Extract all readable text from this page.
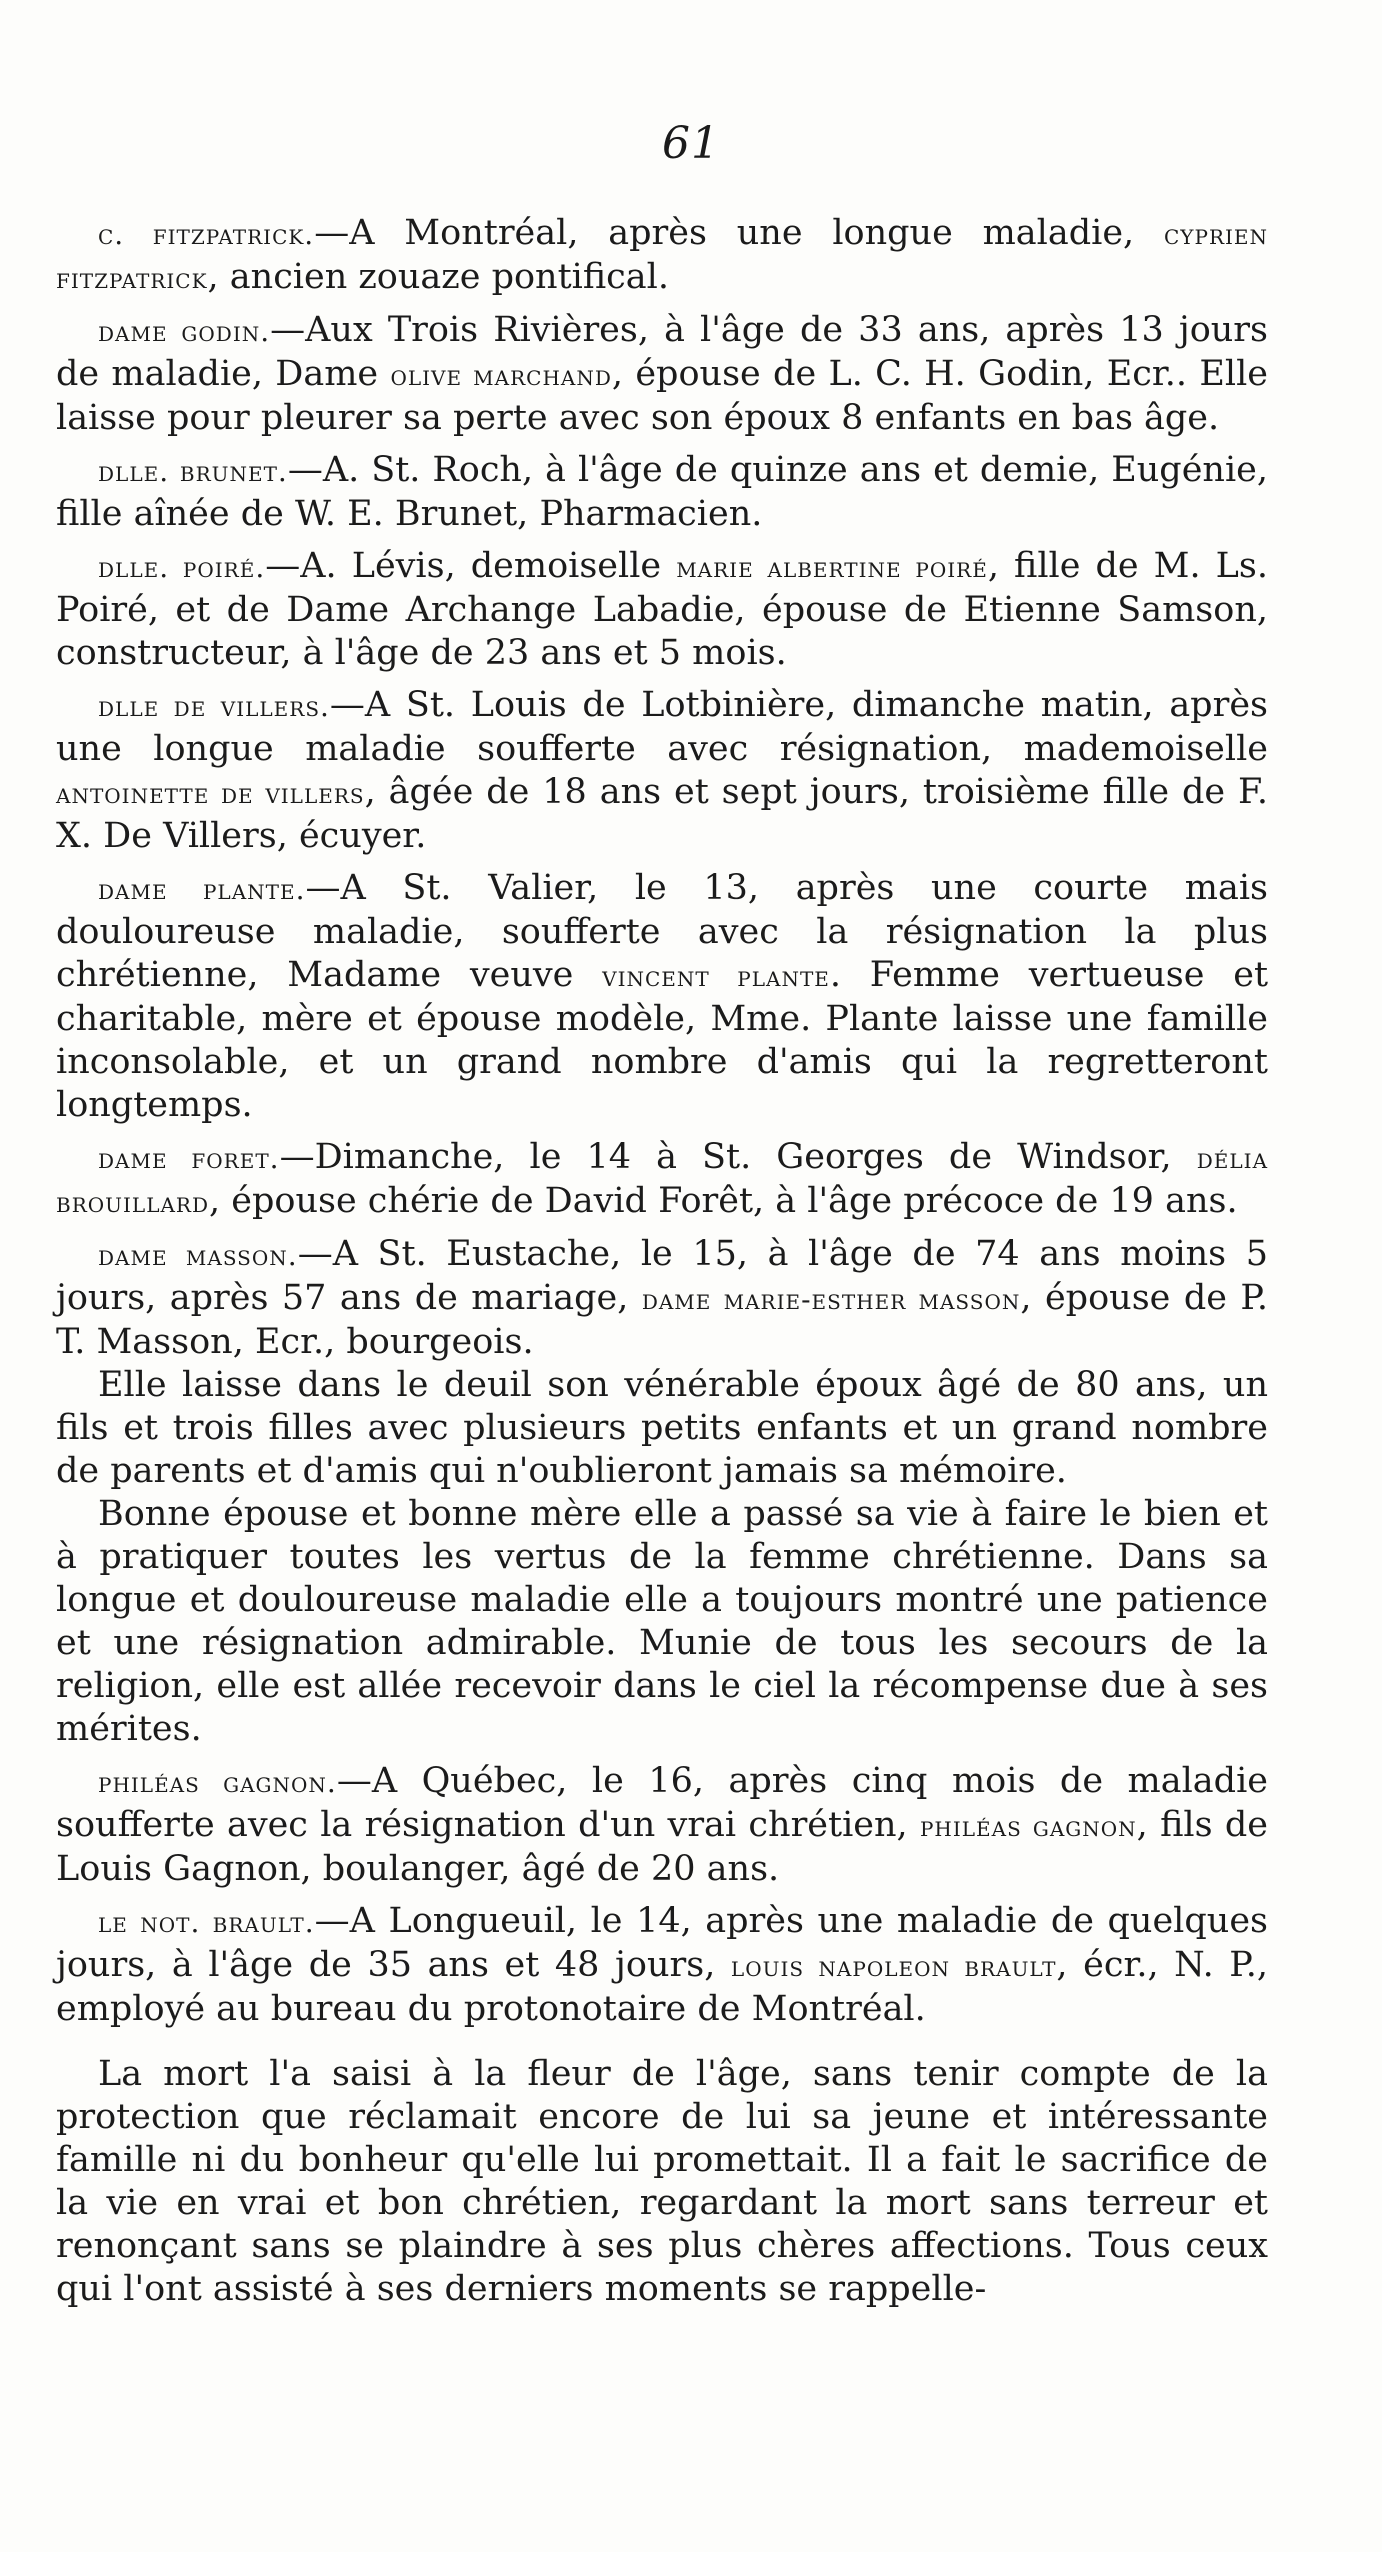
61

c. fitzpatrick.—A Montréal, après une longue maladie, cyprien fitzpatrick, ancien zouaze pontifical.

dame godin.—Aux Trois Rivières, à l'âge de 33 ans, après 13 jours de maladie, Dame olive marchand, épouse de L. C. H. Godin, Ecr.. Elle laisse pour pleurer sa perte avec son époux 8 enfants en bas âge.

dlle. brunet.—A. St. Roch, à l'âge de quinze ans et demie, Eugénie, fille aînée de W. E. Brunet, Pharmacien.

dlle. poiré.—A. Lévis, demoiselle marie albertine poiré, fille de M. Ls. Poiré, et de Dame Archange Labadie, épouse de Etienne Samson, constructeur, à l'âge de 23 ans et 5 mois.

dlle de villers.—A St. Louis de Lotbinière, dimanche matin, après une longue maladie soufferte avec résignation, mademoiselle antoinette de villers, âgée de 18 ans et sept jours, troisième fille de F. X. De Villers, écuyer.

dame plante.—A St. Valier, le 13, après une courte mais douloureuse maladie, soufferte avec la résignation la plus chrétienne, Madame veuve vincent plante. Femme vertueuse et charitable, mère et épouse modèle, Mme. Plante laisse une famille inconsolable, et un grand nombre d'amis qui la regretteront longtemps.

dame foret.—Dimanche, le 14 à St. Georges de Windsor, délia brouillard, épouse chérie de David Forêt, à l'âge précoce de 19 ans.

dame masson.—A St. Eustache, le 15, à l'âge de 74 ans moins 5 jours, après 57 ans de mariage, dame marie-esther masson, épouse de P. T. Masson, Ecr., bourgeois.

Elle laisse dans le deuil son vénérable époux âgé de 80 ans, un fils et trois filles avec plusieurs petits enfants et un grand nombre de parents et d'amis qui n'oublieront jamais sa mémoire.

Bonne épouse et bonne mère elle a passé sa vie à faire le bien et à pratiquer toutes les vertus de la femme chrétienne. Dans sa longue et douloureuse maladie elle a toujours montré une patience et une résignation admirable. Munie de tous les secours de la religion, elle est allée recevoir dans le ciel la récompense due à ses mérites.

philéas gagnon.—A Québec, le 16, après cinq mois de maladie soufferte avec la résignation d'un vrai chrétien, philéas gagnon, fils de Louis Gagnon, boulanger, âgé de 20 ans.

le not. brault.—A Longueuil, le 14, après une maladie de quelques jours, à l'âge de 35 ans et 48 jours, louis napoleon brault, écr., N. P., employé au bureau du protonotaire de Montréal.

La mort l'a saisi à la fleur de l'âge, sans tenir compte de la protection que réclamait encore de lui sa jeune et intéressante famille ni du bonheur qu'elle lui promettait. Il a fait le sacrifice de la vie en vrai et bon chrétien, regardant la mort sans terreur et renonçant sans se plaindre à ses plus chères affections. Tous ceux qui l'ont assisté à ses derniers moments se rappelle-
